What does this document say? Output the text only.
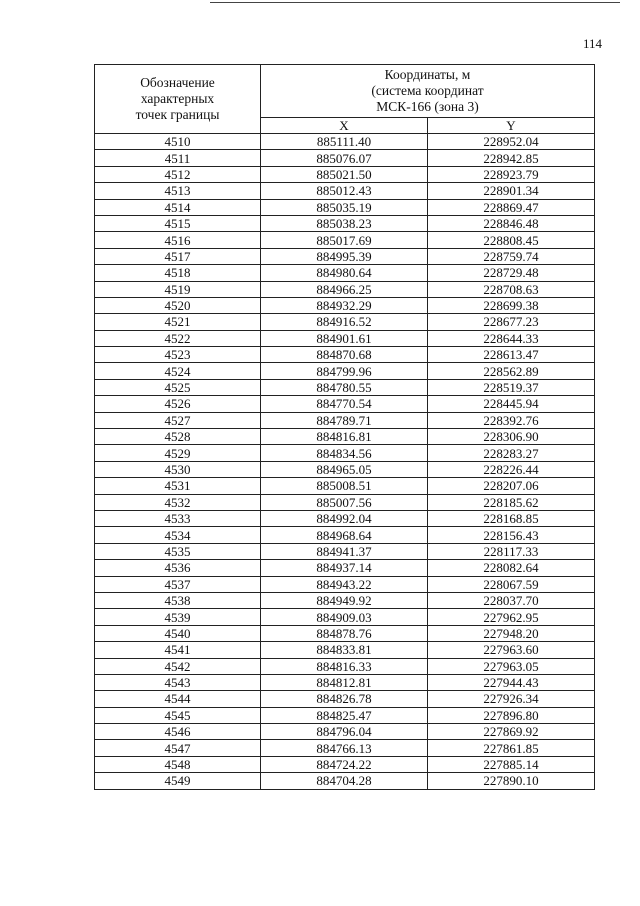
114
Обозначение
характерных
точек границы	Координаты, м
(система координат
МСК-166 (зона 3)	

	X	Y
4510	885111.40	228952.04
4511	885076.07	228942.85
4512	885021.50	228923.79
4513	885012.43	228901.34
4514	885035.19	228869.47
4515	885038.23	228846.48
4516	885017.69	228808.45
4517	884995.39	228759.74
4518	884980.64	228729.48
4519	884966.25	228708.63
4520	884932.29	228699.38
4521	884916.52	228677.23
4522	884901.61	228644.33
4523	884870.68	228613.47
4524	884799.96	228562.89
4525	884780.55	228519.37
4526	884770.54	228445.94
4527	884789.71	228392.76
4528	884816.81	228306.90
4529	884834.56	228283.27
4530	884965.05	228226.44
4531	885008.51	228207.06
4532	885007.56	228185.62
4533	884992.04	228168.85
4534	884968.64	228156.43
4535	884941.37	228117.33
4536	884937.14	228082.64
4537	884943.22	228067.59
4538	884949.92	228037.70
4539	884909.03	227962.95
4540	884878.76	227948.20
4541	884833.81	227963.60
4542	884816.33	227963.05
4543	884812.81	227944.43
4544	884826.78	227926.34
4545	884825.47	227896.80
4546	884796.04	227869.92
4547	884766.13	227861.85
4548	884724.22	227885.14
4549	884704.28	227890.10
